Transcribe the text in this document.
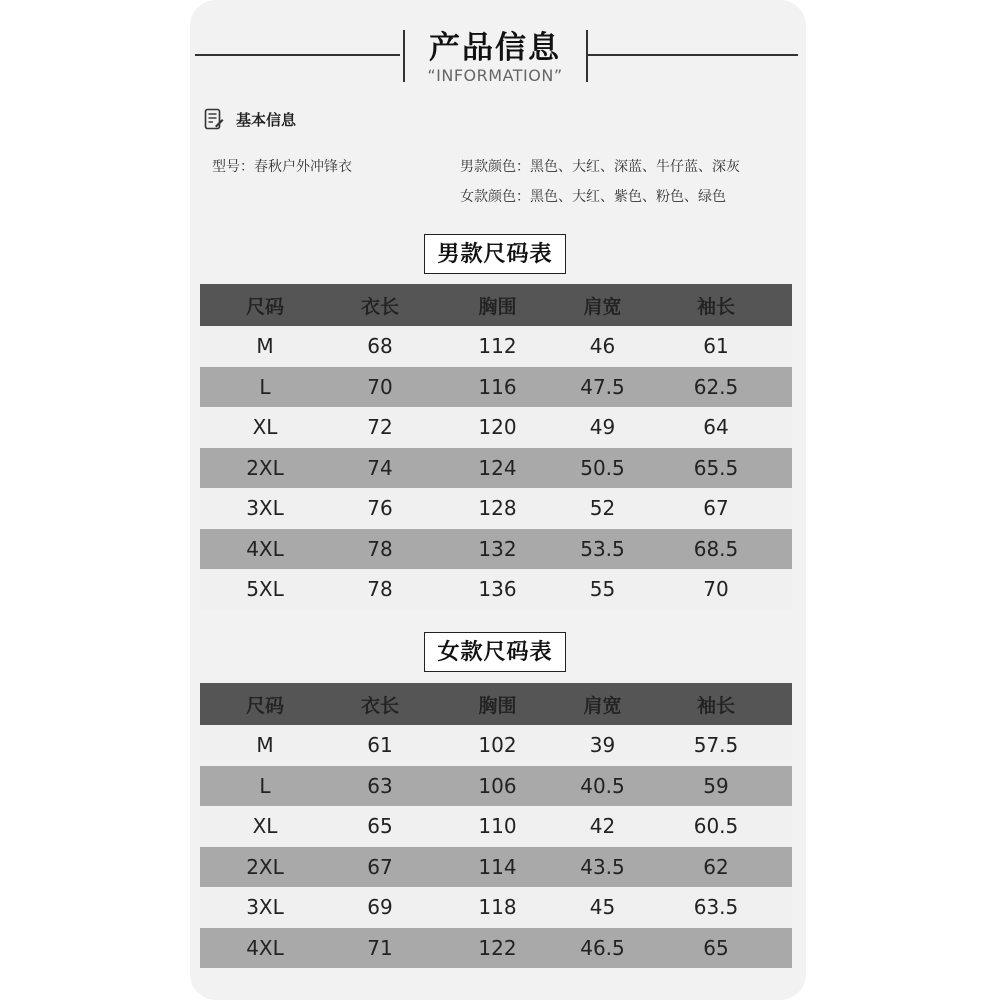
产品信息
“INFORMATION”
基本信息
型号：春秋户外冲锋衣	男款颜色：黑色、大红、深蓝、牛仔蓝、深灰
女款颜色：黑色、大红、紫色、粉色、绿色
男款尺码表
尺码	衣长	胸围	肩宽	袖长
M	68	112	46	61
L	70	116	47.5	62.5
XL	72	120	49	64
2XL	74	124	50.5	65.5
3XL	76	128	52	67
4XL	78	132	53.5	68.5
5XL	78	136	55	70
女款尺码表
尺码	衣长	胸围	肩宽	袖长
M	61	102	39	57.5
L	63	106	40.5	59
XL	65	110	42	60.5
2XL	67	114	43.5	62
3XL	69	118	45	63.5
4XL	71	122	46.5	65
